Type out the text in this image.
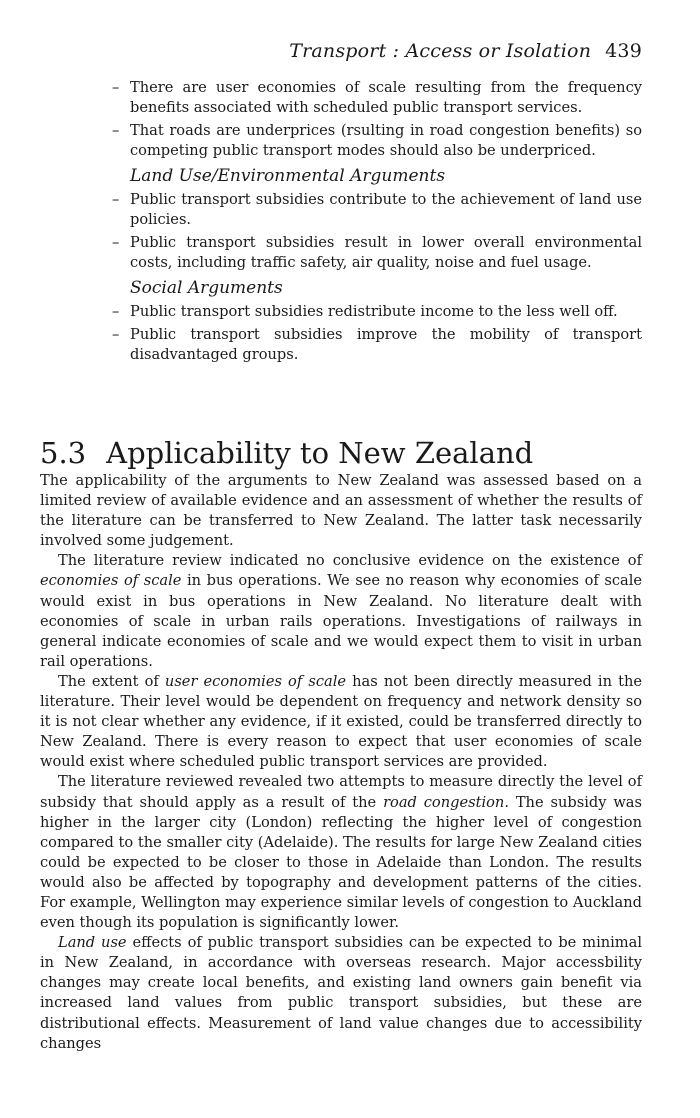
Transport : Access or Isolation 439
– There are user economies of scale resulting from the frequency benefits associated with scheduled public transport services.
– That roads are underprices (rsulting in road congestion benefits) so competing public transport modes should also be underpriced.
Land Use/Environmental Arguments
– Public transport subsidies contribute to the achievement of land use policies.
– Public transport subsidies result in lower overall environmental costs, including traffic safety, air quality, noise and fuel usage.
Social Arguments
– Public transport subsidies redistribute income to the less well off.
– Public transport subsidies improve the mobility of transport disadvantaged groups.
5.3 Applicability to New Zealand

The applicability of the arguments to New Zealand was assessed based on a limited review of available evidence and an assessment of whether the results of the literature can be transferred to New Zealand. The latter task necessarily involved some judgement.

The literature review indicated no conclusive evidence on the existence of economies of scale in bus operations. We see no reason why economies of scale would exist in bus operations in New Zealand. No literature dealt with economies of scale in urban rails operations. Investigations of railways in general indicate economies of scale and we would expect them to visit in urban rail operations.

The extent of user economies of scale has not been directly measured in the literature. Their level would be dependent on frequency and network density so it is not clear whether any evidence, if it existed, could be transferred directly to New Zealand. There is every reason to expect that user economies of scale would exist where scheduled public transport services are provided.

The literature reviewed revealed two attempts to measure directly the level of subsidy that should apply as a result of the road congestion. The subsidy was higher in the larger city (London) reflecting the higher level of congestion compared to the smaller city (Adelaide). The results for large New Zealand cities could be expected to be closer to those in Adelaide than London. The results would also be affected by topography and development patterns of the cities. For example, Wellington may experience similar levels of congestion to Auckland even though its population is significantly lower.

Land use effects of public transport subsidies can be expected to be minimal in New Zealand, in accordance with overseas research. Major accessbility changes may create local benefits, and existing land owners gain benefit via increased land values from public transport subsidies, but these are distributional effects. Measurement of land value changes due to accessibility changes
